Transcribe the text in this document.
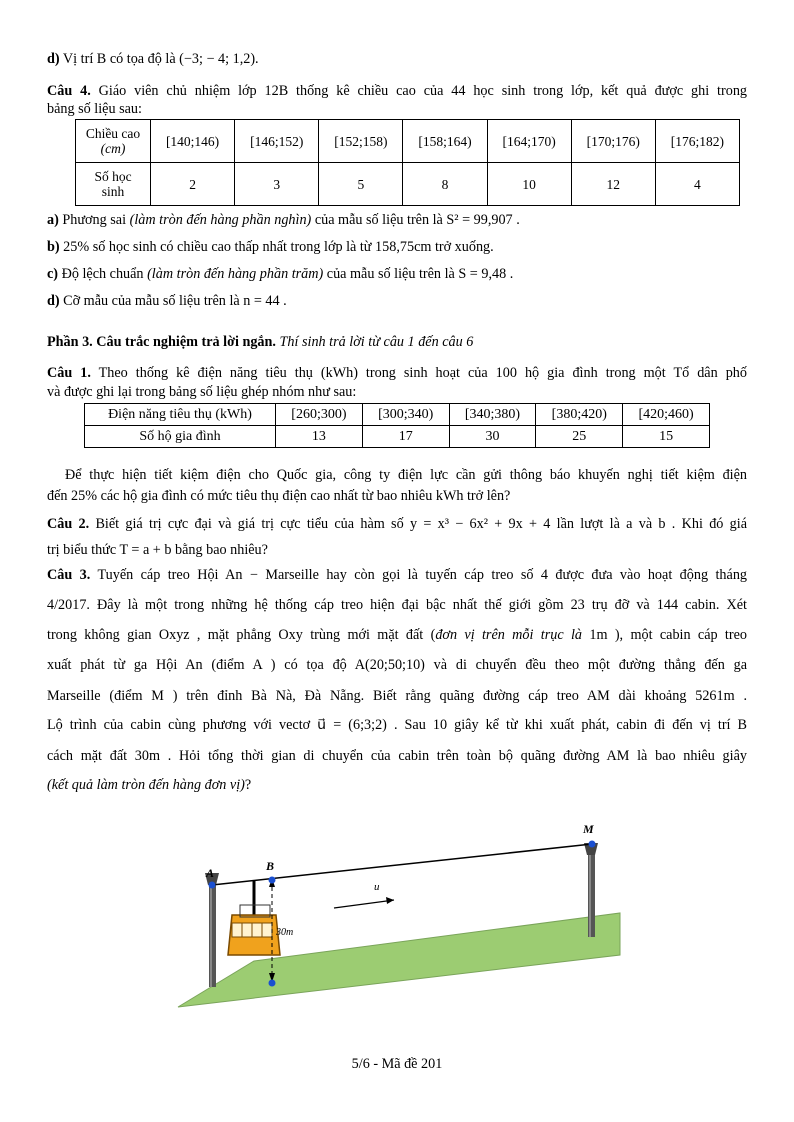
d) Vị trí B có tọa độ là (−3; − 4; 1,2).
Câu 4. Giáo viên chủ nhiệm lớp 12B thống kê chiều cao của 44 học sinh trong lớp, kết quả được ghi trong
bảng số liệu sau:
Chiều cao
(cm)	[140;146)	[146;152)	[152;158)	[158;164)	[164;170)	[170;176)	[176;182)
Số học
sinh	2	3	5	8	10	12	4
a) Phương sai (làm tròn đến hàng phần nghìn) của mẫu số liệu trên là S² = 99,907 .
b) 25% số học sinh có chiều cao thấp nhất trong lớp là từ 158,75cm trở xuống.
c) Độ lệch chuẩn (làm tròn đến hàng phần trăm) của mẫu số liệu trên là S = 9,48 .
d) Cỡ mẫu của mẫu số liệu trên là n = 44 .
Phần 3. Câu trắc nghiệm trả lời ngắn. Thí sinh trả lời từ câu 1 đến câu 6
Câu 1. Theo thống kê điện năng tiêu thụ (kWh) trong sinh hoạt của 100 hộ gia đình trong một Tổ dân phố
và được ghi lại trong bảng số liệu ghép nhóm như sau:
Điện năng tiêu thụ (kWh)	[260;300)	[300;340)	[340;380)	[380;420)	[420;460)
Số hộ gia đình	13	17	30	25	15
Để thực hiện tiết kiệm điện cho Quốc gia, công ty điện lực cần gửi thông báo khuyến nghị tiết kiệm điện
đến 25% các hộ gia đình có mức tiêu thụ điện cao nhất từ bao nhiêu kWh trở lên?
Câu 2. Biết giá trị cực đại và giá trị cực tiểu của hàm số y = x³ − 6x² + 9x + 4 lần lượt là a và b . Khi đó giá
trị biểu thức T = a + b bằng bao nhiêu?
Câu 3. Tuyến cáp treo Hội An − Marseille hay còn gọi là tuyến cáp treo số 4 được đưa vào hoạt động tháng
4/2017. Đây là một trong những hệ thống cáp treo hiện đại bậc nhất thế giới gồm 23 trụ đỡ và 144 cabin. Xét
trong không gian Oxyz , mặt phẳng Oxy trùng mới mặt đất (đơn vị trên mỗi trục là 1m ), một cabin cáp treo
xuất phát từ ga Hội An (điểm A ) có tọa độ A(20;50;10) và di chuyển đều theo một đường thẳng đến ga
Marseille (điểm M ) trên đỉnh Bà Nà, Đà Nẵng. Biết rằng quãng đường cáp treo AM dài khoảng 5261m .
Lộ trình của cabin cùng phương với vectơ u⃗ = (6;3;2) . Sau 10 giây kể từ khi xuất phát, cabin đi đến vị trí B
cách mặt đất 30m . Hỏi tổng thời gian di chuyển của cabin trên toàn bộ quãng đường AM là bao nhiêu giây
(kết quả làm tròn đến hàng đơn vị)?
A	B
M
u⃗
30m
5/6 - Mã đề 201
